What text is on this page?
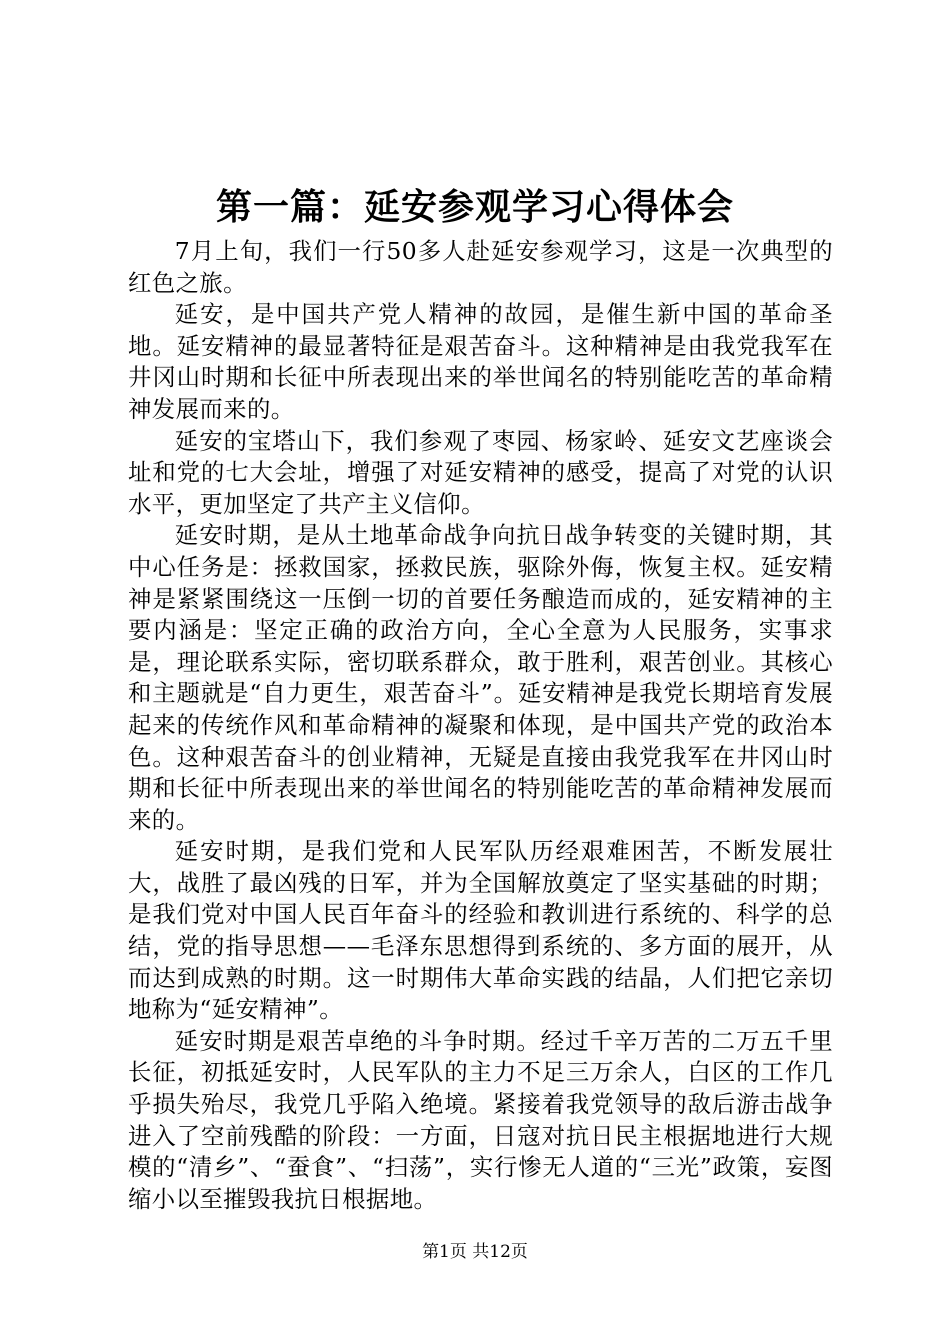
第一篇：延安参观学习心得体会

7月上旬，我们一行50多人赴延安参观学习，这是一次典型的红色之旅。

延安，是中国共产党人精神的故园，是催生新中国的革命圣地。延安精神的最显著特征是艰苦奋斗。这种精神是由我党我军在井冈山时期和长征中所表现出来的举世闻名的特别能吃苦的革命精神发展而来的。

延安的宝塔山下，我们参观了枣园、杨家岭、延安文艺座谈会址和党的七大会址，增强了对延安精神的感受，提高了对党的认识水平，更加坚定了共产主义信仰。

延安时期，是从土地革命战争向抗日战争转变的关键时期，其中心任务是：拯救国家，拯救民族，驱除外侮，恢复主权。延安精神是紧紧围绕这一压倒一切的首要任务酿造而成的，延安精神的主要内涵是：坚定正确的政治方向，全心全意为人民服务，实事求是，理论联系实际，密切联系群众，敢于胜利，艰苦创业。其核心和主题就是“自力更生，艰苦奋斗”。延安精神是我党长期培育发展起来的传统作风和革命精神的凝聚和体现，是中国共产党的政治本色。这种艰苦奋斗的创业精神，无疑是直接由我党我军在井冈山时期和长征中所表现出来的举世闻名的特别能吃苦的革命精神发展而来的。

延安时期，是我们党和人民军队历经艰难困苦，不断发展壮大，战胜了最凶残的日军，并为全国解放奠定了坚实基础的时期；是我们党对中国人民百年奋斗的经验和教训进行系统的、科学的总结，党的指导思想——毛泽东思想得到系统的、多方面的展开，从而达到成熟的时期。这一时期伟大革命实践的结晶，人们把它亲切地称为“延安精神”。

延安时期是艰苦卓绝的斗争时期。经过千辛万苦的二万五千里长征，初抵延安时，人民军队的主力不足三万余人，白区的工作几乎损失殆尽，我党几乎陷入绝境。紧接着我党领导的敌后游击战争进入了空前残酷的阶段：一方面，日寇对抗日民主根据地进行大规模的“清乡”、“蚕食”、“扫荡”，实行惨无人道的“三光”政策，妄图缩小以至摧毁我抗日根据地。

第1页 共12页
